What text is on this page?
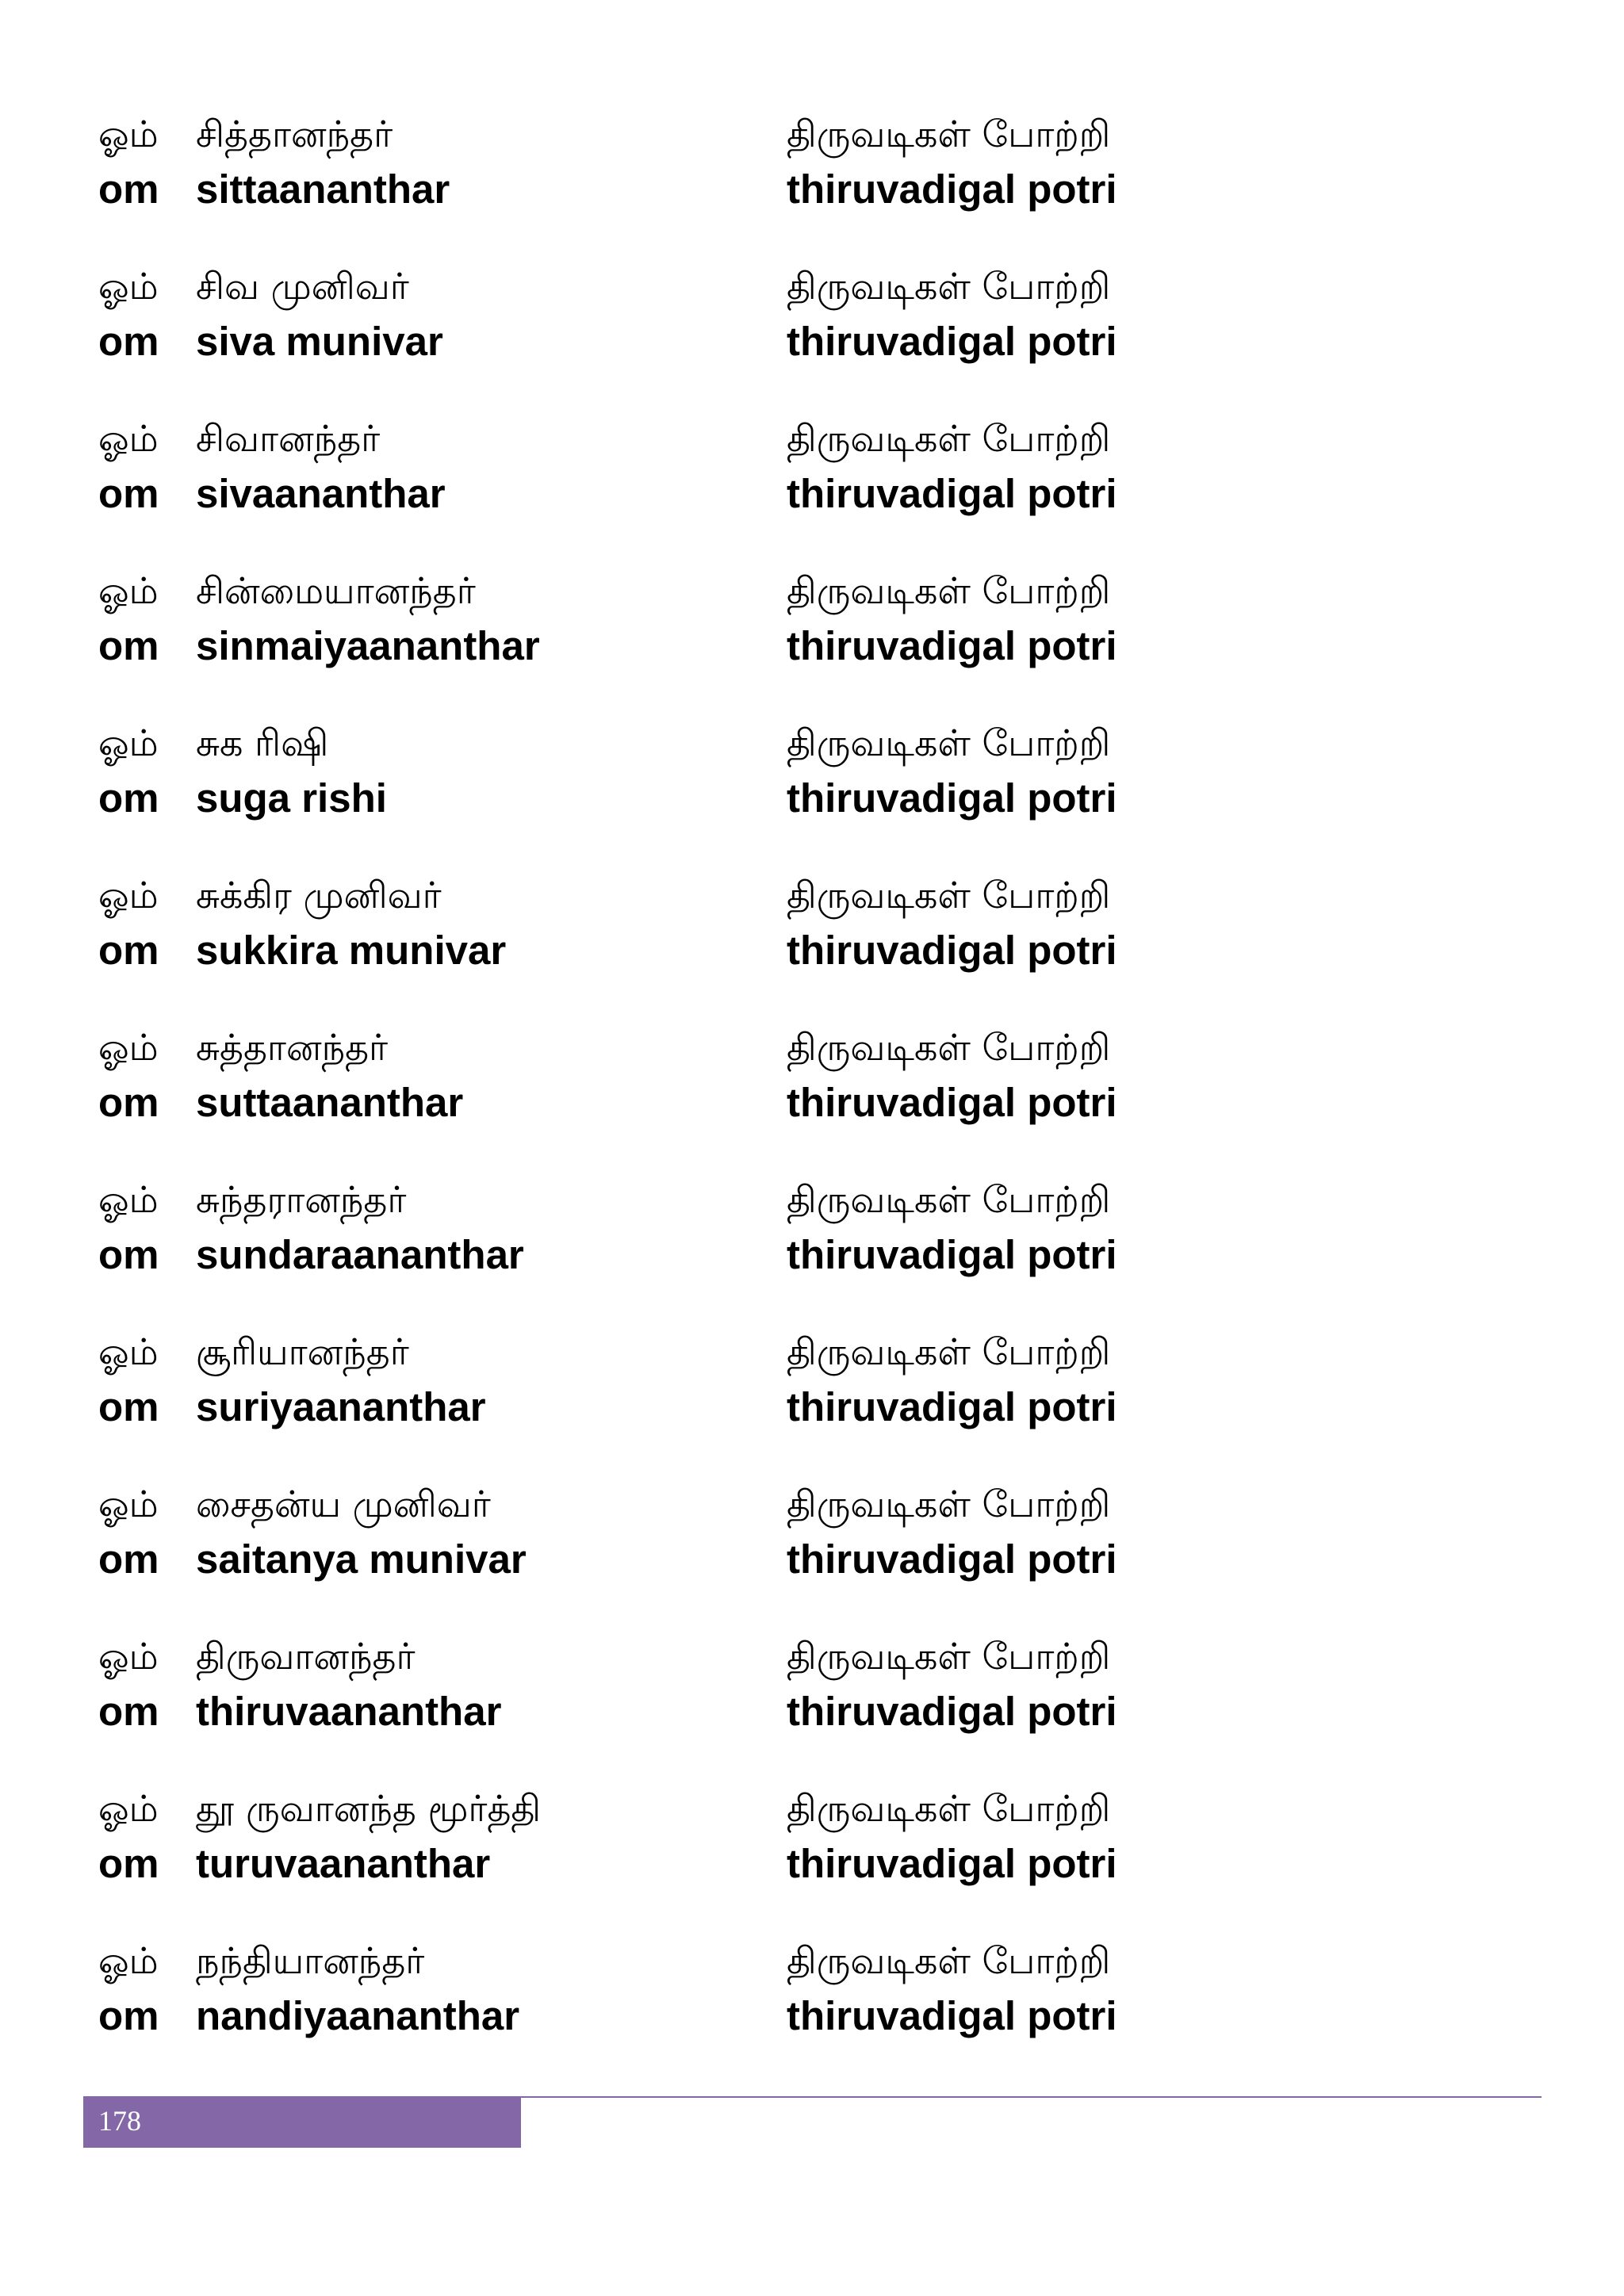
ஓம் சித்தானந்தர்	திருவடிகள் போற்றி
om sittaananthar	thiruvadigal potri
ஓம் சிவ முனிவர்	திருவடிகள் போற்றி
om siva munivar	thiruvadigal potri
ஓம் சிவானந்தர்	திருவடிகள் போற்றி
om sivaananthar	thiruvadigal potri
ஓம் சின்மையானந்தர்	திருவடிகள் போற்றி
om sinmaiyaananthar	thiruvadigal potri
ஓம் சுக ரிஷி	திருவடிகள் போற்றி
om suga rishi	thiruvadigal potri
ஓம் சுக்கிர முனிவர்	திருவடிகள் போற்றி
om sukkira munivar	thiruvadigal potri
ஓம் சுத்தானந்தர்	திருவடிகள் போற்றி
om suttaananthar	thiruvadigal potri
ஓம் சுந்தரானந்தர்	திருவடிகள் போற்றி
om sundaraananthar	thiruvadigal potri
ஓம் சூரியானந்தர்	திருவடிகள் போற்றி
om suriyaananthar	thiruvadigal potri
ஓம் சைதன்ய முனிவர்	திருவடிகள் போற்றி
om saitanya munivar	thiruvadigal potri
ஓம் திருவானந்தர்	திருவடிகள் போற்றி
om thiruvaananthar	thiruvadigal potri
ஓம் தூ ருவானந்த மூர்த்தி	திருவடிகள் போற்றி
om turuvaananthar	thiruvadigal potri
ஓம் நந்தியானந்தர்	திருவடிகள் போற்றி
om nandiyaananthar	thiruvadigal potri
178
